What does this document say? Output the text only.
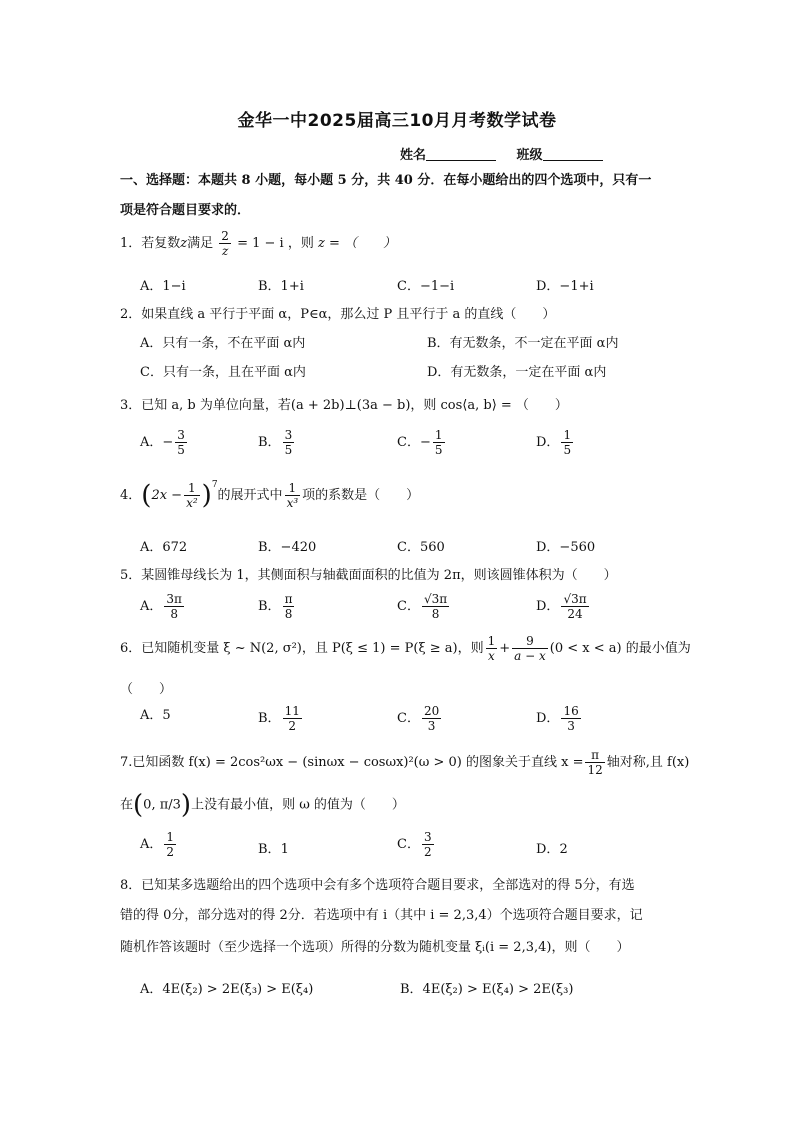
金华一中2025届高三10月月考数学试卷
姓名	班级
一、选择题：本题共 8 小题，每小题 5 分，共 40 分．在每小题给出的四个选项中，只有一
项是符合题目要求的．
1．若复数z满足 $\frac{2}{z} = 1 - i$ ，则 z = （　　）
A．1−i	B．1+i	C．−1−i	D．−1+i
2．如果直线 a 平行于平面 α，P∈α，那么过 P 且平行于 a 的直线（　　）
A．只有一条，不在平面 α内	B．有无数条，不一定在平面 α内
C．只有一条，且在平面 α内	D．有无数条，一定在平面 α内
3．已知 a, b 为单位向量，若(a + 2b)⊥(3a − b)，则 cos⟨a, b⟩ = （　　）
A．− $\frac{3}{5}$	B． $\frac{3}{5}$	C．− $\frac{1}{5}$	D． $\frac{1}{5}$
4．$(2x - \frac{1}{\text{x²}} )^7$的展开式中 $\frac{1}{\text{x³}}$ 项的系数是（　　）
A．672	B．−420	C．560	D．−560
5．某圆锥母线长为 1，其侧面积与轴截面面积的比值为 2π，则该圆锥体积为（　　）
A． $\frac{3\pi}{8}$	B． $\frac{\pi}{8}$	C． $\frac{√3\pi}{8}$	D． $\frac{√3\pi}{24}$
6．已知随机变量 ξ ~ N(2, σ²)，且 P(ξ ≤ 1) = P(ξ ≥ a)，则 $\frac{1}{x} + \frac{9}{a - x} (0 < x < a)$ 的最小值为
（　　）
A．5	B． $\frac{11}{2}$	C． $\frac{20}{3}$	D． $\frac{16}{3}$
7.已知函数 f(x) = 2cos²ωx − (sinωx − cosωx)²(ω > 0) 的图象关于直线 $x = \frac{\pi}{12}$ 轴对称,且 f(x)
在(0, π/3)上没有最小值，则 ω 的值为（　　）
A． $\frac{1}{2}$	B．1	C． $\frac{3}{2}$	D．2
8．已知某多选题给出的四个选项中会有多个选项符合题目要求，全部选对的得 5分，有选
错的得 0分，部分选对的得 2分．若选项中有 i（其中 i = 2,3,4）个选项符合题目要求，记
随机作答该题时（至少选择一个选项）所得的分数为随机变量 ξᵢ(i = 2,3,4)，则（　　）
A．4E(ξ₂) > 2E(ξ₃) > E(ξ₄)	B．4E(ξ₂) > E(ξ₄) > 2E(ξ₃)
